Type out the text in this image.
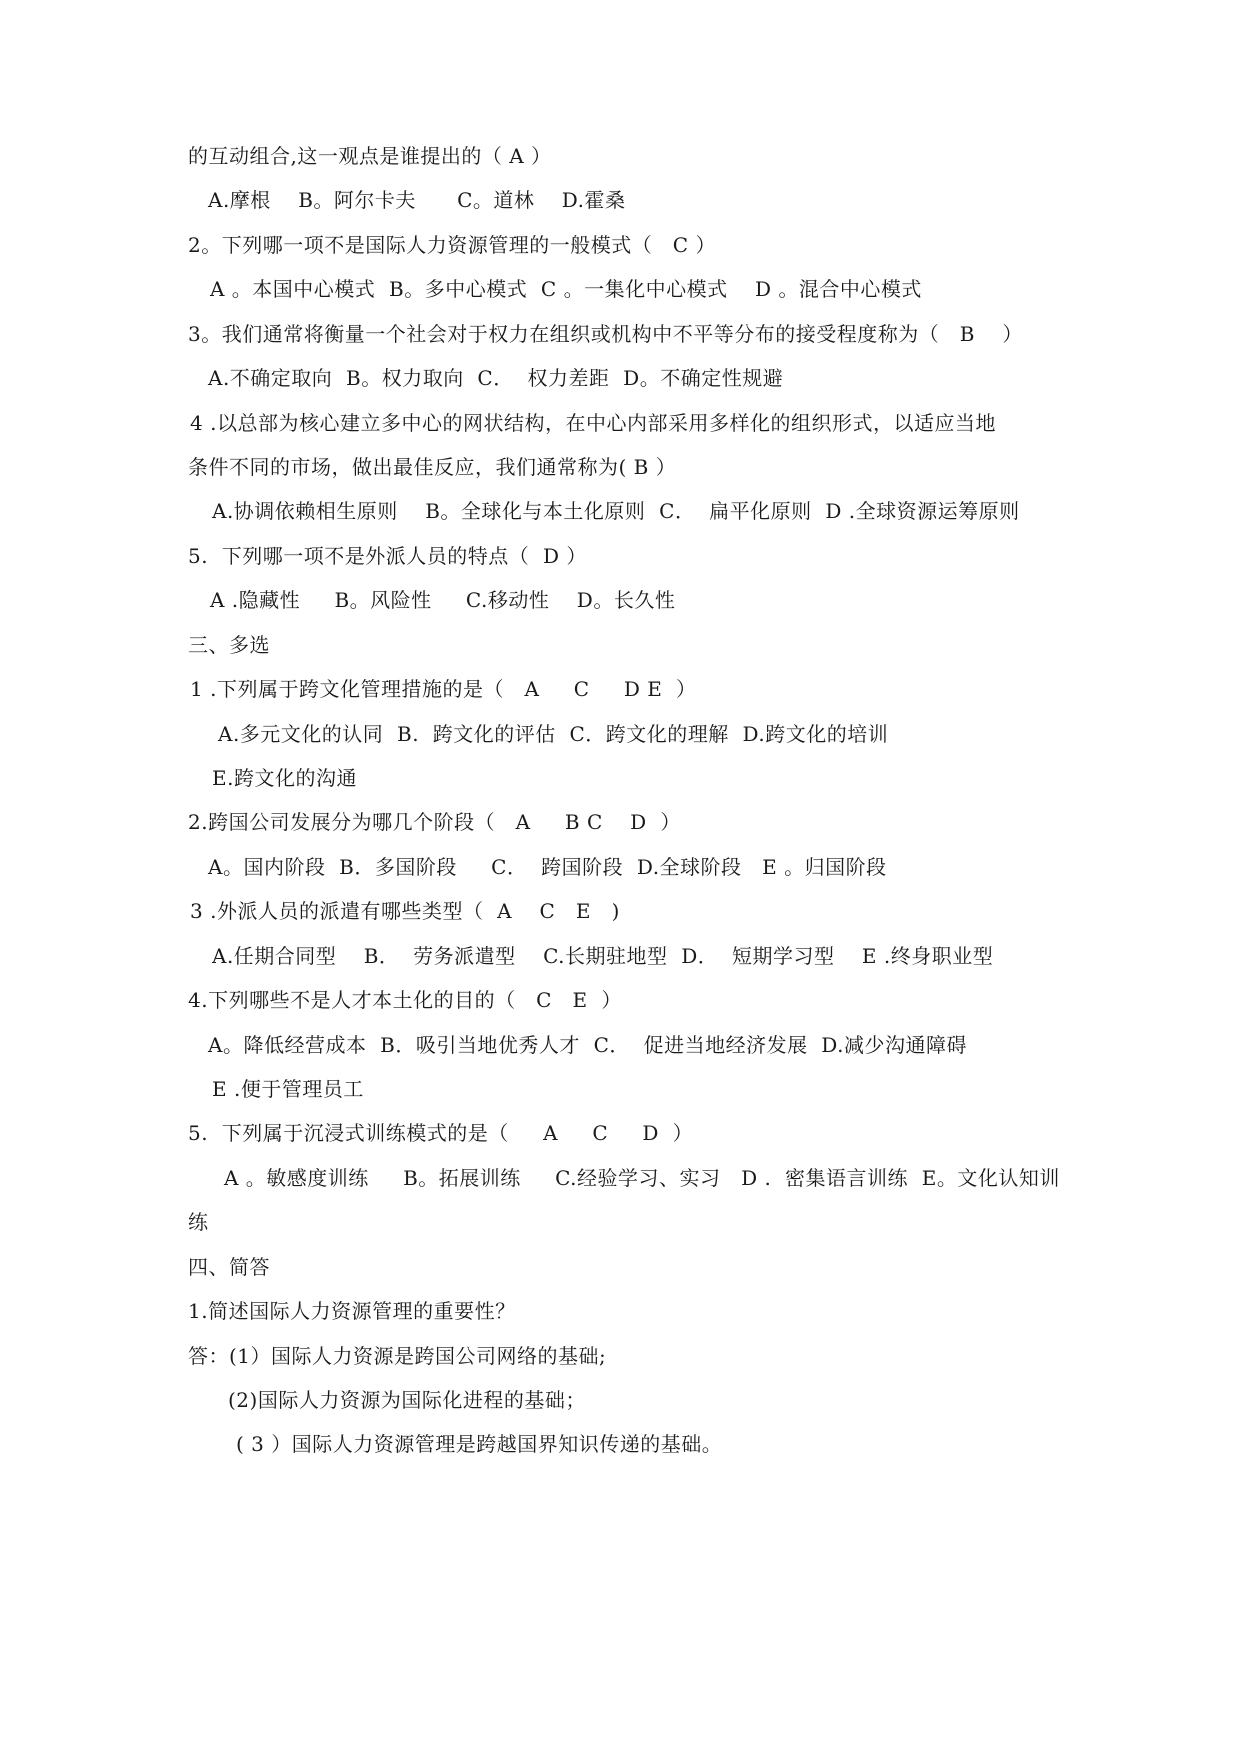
的互动组合,这一观点是谁提出的（ A ）
A.摩根    B。阿尔卡夫      C。道林    D.霍桑
2。下列哪一项不是国际人力资源管理的一般模式（   C ）
A 。本国中心模式  B。多中心模式  C 。一集化中心模式    D 。混合中心模式
3。我们通常将衡量一个社会对于权力在组织或机构中不平等分布的接受程度称为（   B    ）
A.不确定取向  B。权力取向  C．  权力差距  D。不确定性规避
4 .以总部为核心建立多中心的网状结构，在中心内部采用多样化的组织形式，以适应当地
条件不同的市场，做出最佳反应，我们通常称为( B ）
A.协调依赖相生原则    B。全球化与本土化原则  C．  扁平化原则  D .全球资源运筹原则
5.  下列哪一项不是外派人员的特点（  D ）
A .隐藏性     B。风险性     C.移动性    D。长久性
三、多选
1 .下列属于跨文化管理措施的是（   A     C     D E  ）
A.多元文化的认同  B.  跨文化的评估  C．跨文化的理解  D.跨文化的培训
E.跨文化的沟通
2.跨国公司发展分为哪几个阶段（   A     B C    D  ）
A。国内阶段  B．多国阶段     C．  跨国阶段  D.全球阶段   E 。归国阶段
3 .外派人员的派遣有哪些类型（  A    C   E   )
A.任期合同型    B．  劳务派遣型    C.长期驻地型  D．  短期学习型    E .终身职业型
4.下列哪些不是人才本土化的目的（   C   E  ）
A。降低经营成本  B．吸引当地优秀人才  C．  促进当地经济发展  D.减少沟通障碍
E .便于管理员工
5.  下列属于沉浸式训练模式的是（     A     C     D  ）
A 。敏感度训练     B。拓展训练     C.经验学习、实习   D .  密集语言训练  E。文化认知训
练
四、简答
1.简述国际人力资源管理的重要性？
答：(1）国际人力资源是跨国公司网络的基础;
(2)国际人力资源为国际化进程的基础；
( 3 ）国际人力资源管理是跨越国界知识传递的基础。
